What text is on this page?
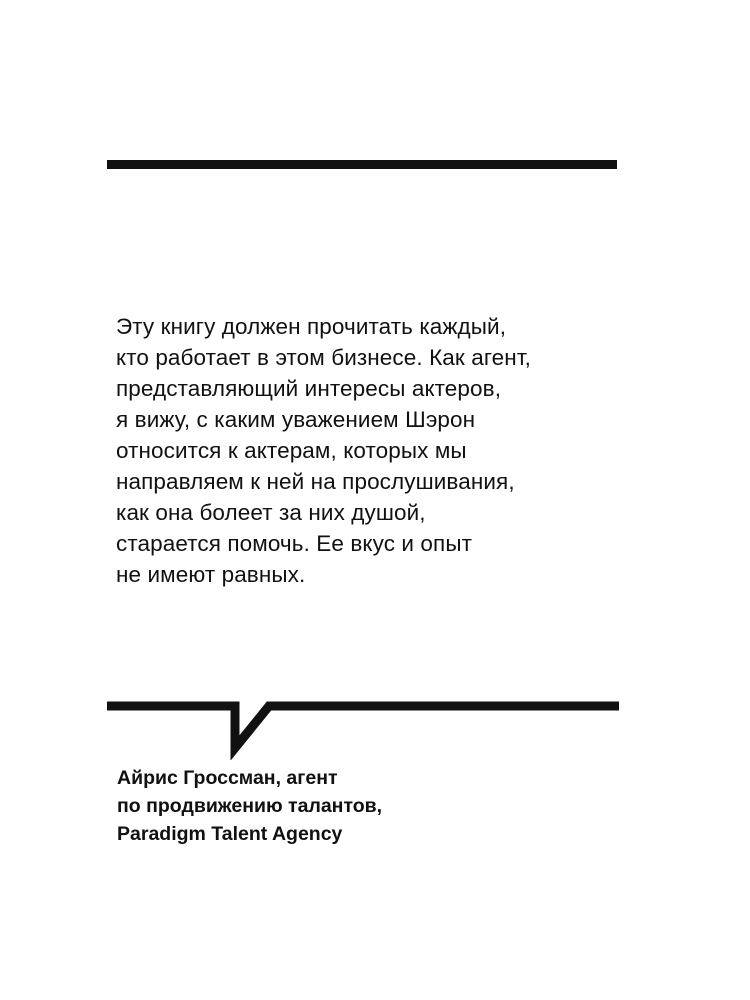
Эту книгу должен прочитать каждый,
кто работает в этом бизнесе. Как агент,
представляющий интересы актеров,
я вижу, с каким уважением Шэрон
относится к актерам, которых мы
направляем к ней на прослушивания,
как она болеет за них душой,
старается помочь. Ее вкус и опыт
не имеют равных.
Айрис Гроссман, агент
по продвижению талантов,
Paradigm Talent Agency
